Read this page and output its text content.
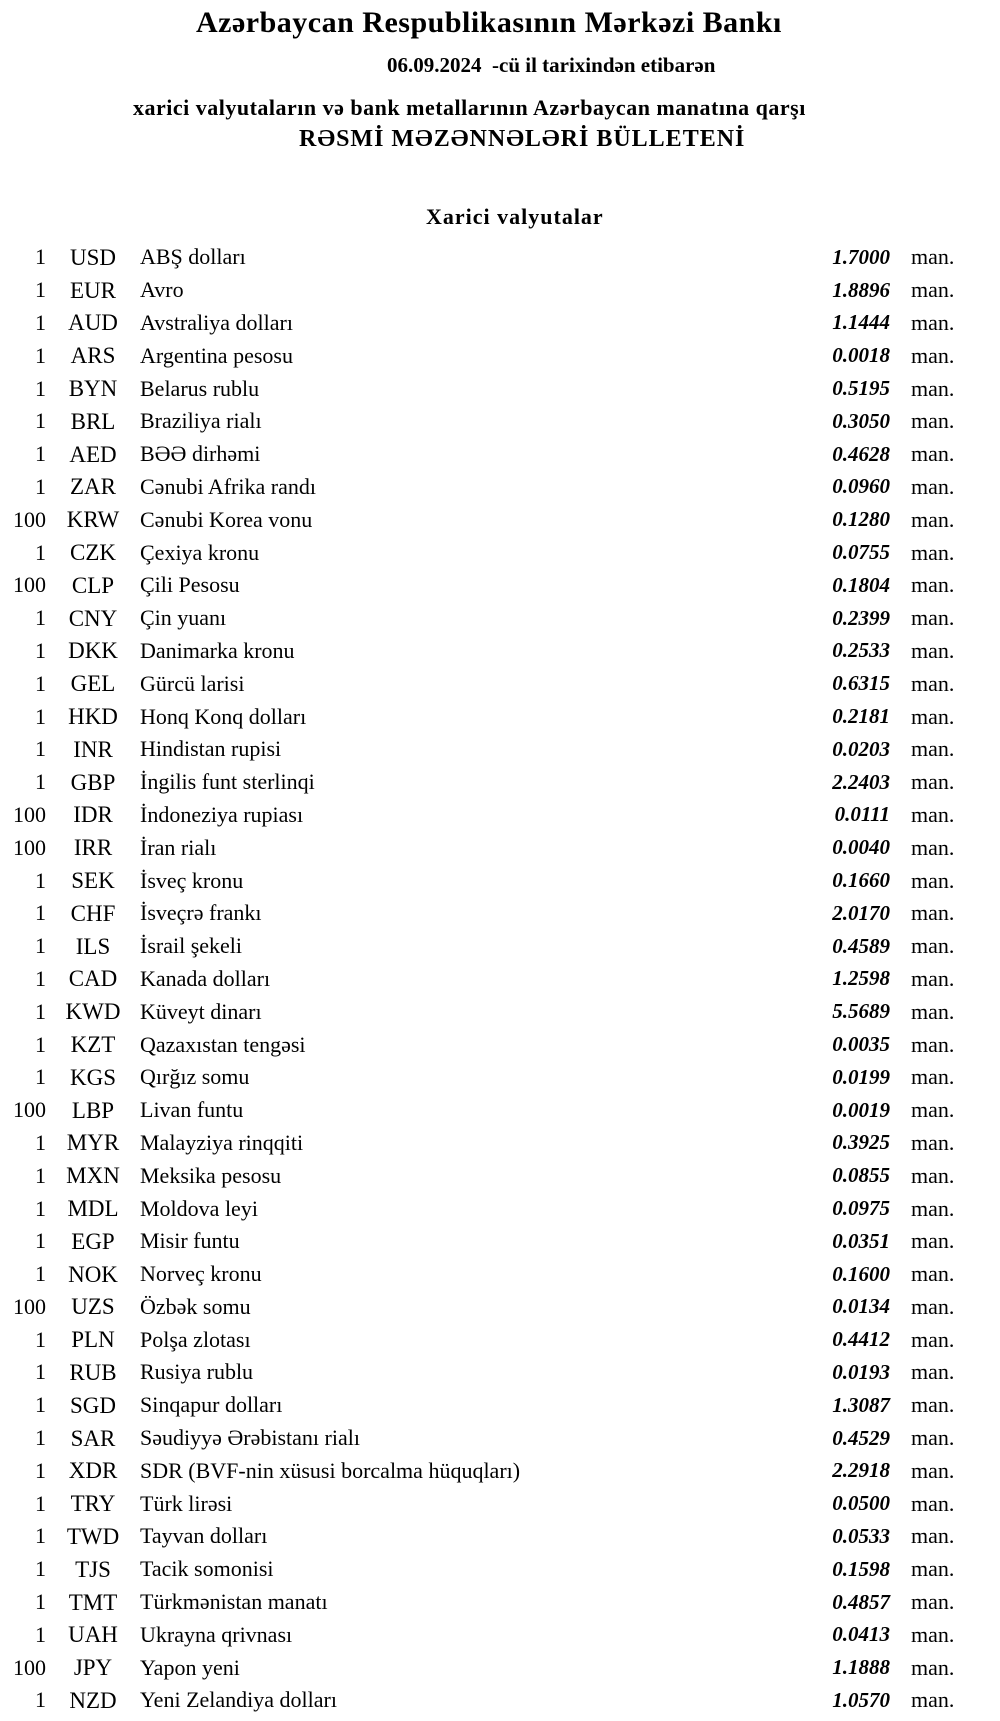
Azərbaycan Respublikasının Mərkəzi Bankı
06.09.2024  -cü il tarixindən etibarən
xarici valyutaların və bank metallarının Azərbaycan manatına qarşı
RƏSMİ MƏZƏNNƏLƏRİ BÜLLETENİ
Xarici valyutalar
1	USD	ABŞ dolları	1.7000 man.
1	EUR	Avro	1.8896 man.
1 AUD	Avstraliya dolları	1.1444 man.
1	ARS	Argentina pesosu	0.0018 man.
1 BYN	Belarus rublu	0.5195 man.
1	BRL	Braziliya rialı	0.3050 man.
1	AED	BƏƏ dirhəmi	0.4628 man.
1	ZAR	Cənubi Afrika randı	0.0960 man.
100 KRW Cənubi Korea vonu	0.1280 man.
1	CZK	Çexiya kronu	0.0755 man.
100	CLP	Çili Pesosu	0.1804 man.
1 CNY	Çin yuanı	0.2399 man.
1 DKK	Danimarka kronu	0.2533 man.
1	GEL	Gürcü larisi	0.6315 man.
1 HKD	Honq Konq dolları	0.2181 man.
1	INR	Hindistan rupisi	0.0203 man.
1	GBP	İngilis funt sterlinqi	2.2403 man.
100	IDR	İndoneziya rupiası	0.0111 man.
100	IRR	İran rialı	0.0040 man.
1	SEK	İsveç kronu	0.1660 man.
1	CHF	İsveçrə frankı	2.0170 man.
1	ILS	İsrail şekeli	0.4589 man.
1 CAD	Kanada dolları	1.2598 man.
1 KWD Küveyt dinarı	5.5689 man.
1	KZT	Qazaxıstan tengəsi	0.0035 man.
1	KGS	Qırğız somu	0.0199 man.
100	LBP	Livan funtu	0.0019 man.
1 MYR Malayziya rinqqiti	0.3925 man.
1 MXN Meksika pesosu	0.0855 man.
1 MDL Moldova leyi	0.0975 man.
1	EGP	Misir funtu	0.0351 man.
1 NOK	Norveç kronu	0.1600 man.
100	UZS	Özbək somu	0.0134 man.
1	PLN	Polşa zlotası	0.4412 man.
1	RUB	Rusiya rublu	0.0193 man.
1	SGD	Sinqapur dolları	1.3087 man.
1	SAR	Səudiyyə Ərəbistanı rialı	0.4529 man.
1 XDR	SDR (BVF-nin xüsusi borcalma hüquqları)	2.2918 man.
1	TRY	Türk lirəsi	0.0500 man.
1 TWD Tayvan dolları	0.0533 man.
1	TJS	Tacik somonisi	0.1598 man.
1 TMT	Türkmənistan manatı	0.4857 man.
1 UAH	Ukrayna qrivnası	0.0413 man.
100	JPY	Yapon yeni	1.1888 man.
1	NZD	Yeni Zelandiya dolları	1.0570 man.
